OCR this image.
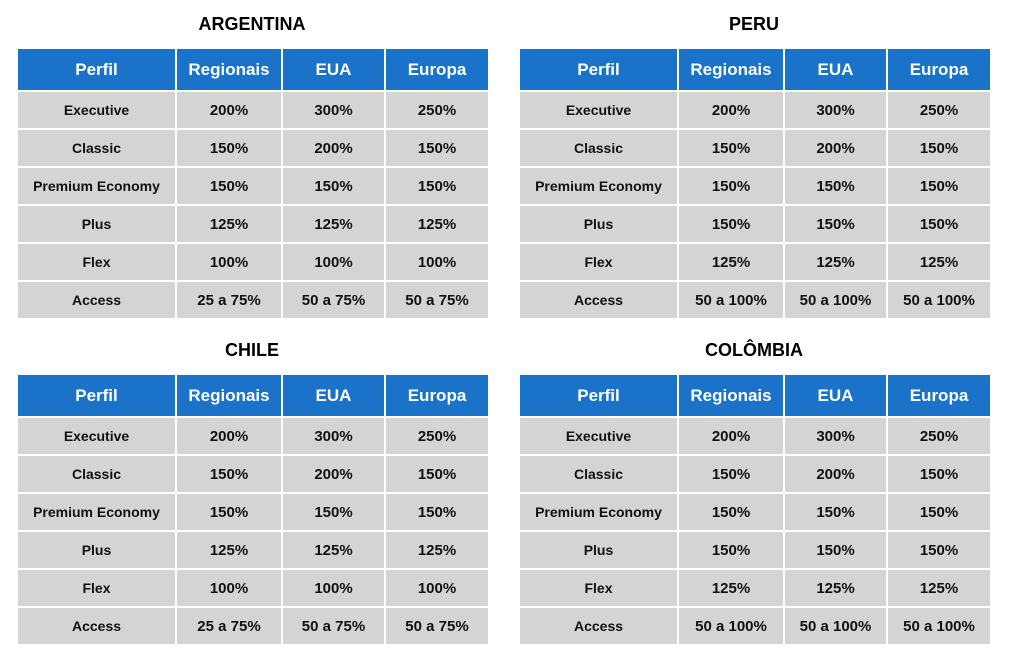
ARGENTINA
Perfil	Regionais	EUA	Europa
Executive	200%	300%	250%
Classic	150%	200%	150%
Premium Economy	150%	150%	150%
Plus	125%	125%	125%
Flex	100%	100%	100%
Access	25 a 75%	50 a 75%	50 a 75%
PERU
Perfil	Regionais	EUA	Europa
Executive	200%	300%	250%
Classic	150%	200%	150%
Premium Economy	150%	150%	150%
Plus	150%	150%	150%
Flex	125%	125%	125%
Access	50 a 100%	50 a 100%	50 a 100%
CHILE
Perfil	Regionais	EUA	Europa
Executive	200%	300%	250%
Classic	150%	200%	150%
Premium Economy	150%	150%	150%
Plus	125%	125%	125%
Flex	100%	100%	100%
Access	25 a 75%	50 a 75%	50 a 75%
COLÔMBIA
Perfil	Regionais	EUA	Europa
Executive	200%	300%	250%
Classic	150%	200%	150%
Premium Economy	150%	150%	150%
Plus	150%	150%	150%
Flex	125%	125%	125%
Access	50 a 100%	50 a 100%	50 a 100%
